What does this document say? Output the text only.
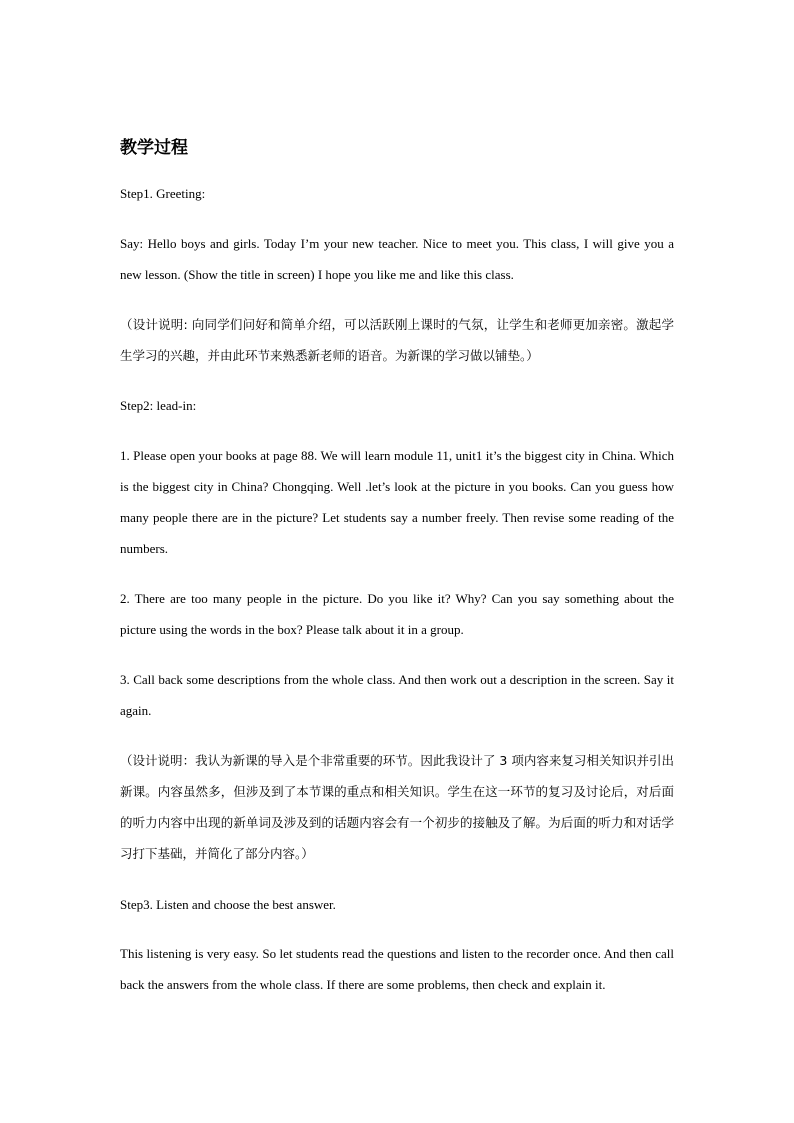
教学过程

Step1. Greeting:

Say: Hello boys and girls. Today I’m your new teacher. Nice to meet you. This class, I will give you a new lesson. (Show the title in screen) I hope you like me and like this class.

（设计说明: 向同学们问好和简单介绍，可以活跃刚上课时的气氛，让学生和老师更加亲密。激起学生学习的兴趣，并由此环节来熟悉新老师的语音。为新课的学习做以铺垫。）

Step2: lead-in:

1. Please open your books at page 88. We will learn module 11, unit1 it’s the biggest city in China. Which is the biggest city in China? Chongqing. Well .let’s look at the picture in you books. Can you guess how many people there are in the picture? Let students say a number freely. Then revise some reading of the numbers.

2. There are too many people in the picture. Do you like it? Why? Can you say something about the picture using the words in the box? Please talk about it in a group.

3. Call back some descriptions from the whole class. And then work out a description in the screen. Say it again.

（设计说明：我认为新课的导入是个非常重要的环节。因此我设计了 3 项内容来复习相关知识并引出新课。内容虽然多，但涉及到了本节课的重点和相关知识。学生在这一环节的复习及讨论后，对后面的听力内容中出现的新单词及涉及到的话题内容会有一个初步的接触及了解。为后面的听力和对话学习打下基础，并简化了部分内容。）

Step3. Listen and choose the best answer.

This listening is very easy. So let students read the questions and listen to the recorder once. And then call back the answers from the whole class. If there are some problems, then check and explain it.
